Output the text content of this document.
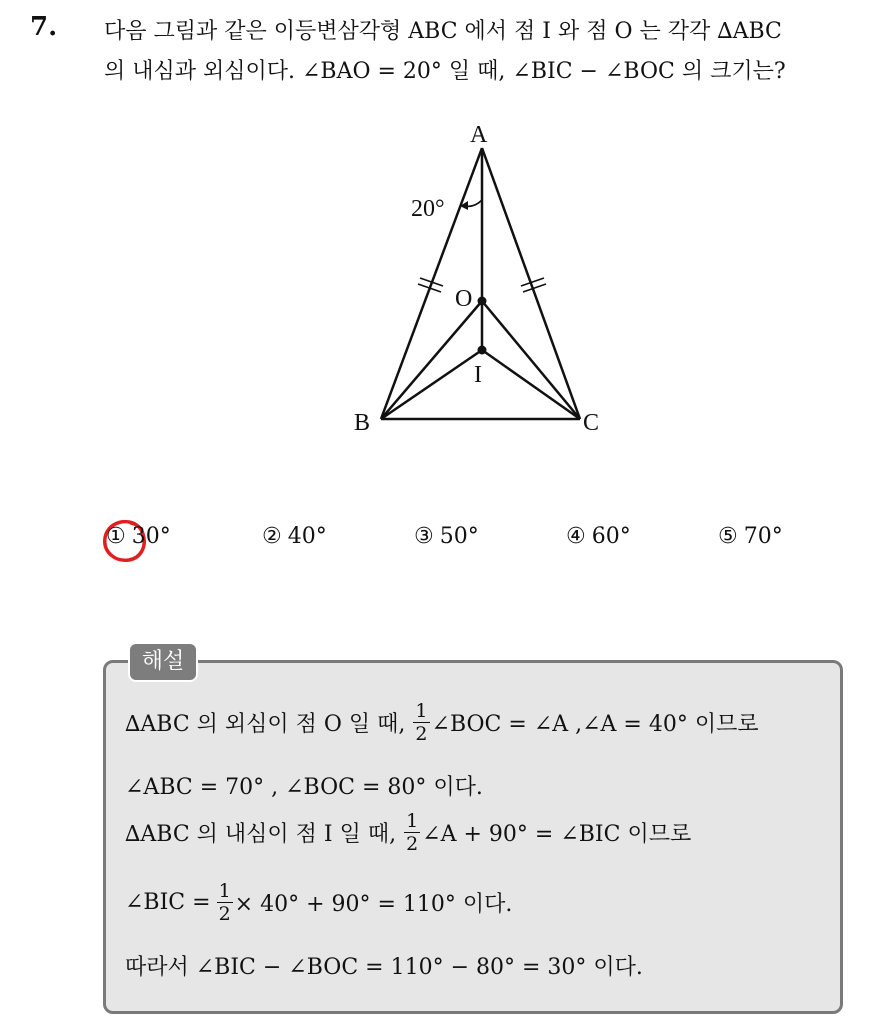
7. 다음 그림과 같은 이등변삼각형 ABC 에서 점 I 와 점 O 는 각각 ∆ABC
의 내심과 외심이다. ∠BAO = 20° 일 때, ∠BIC − ∠BOC 의 크기는?
A
B	C
O
I
20°
① 30°	② 40°	③ 50°	④ 60°	⑤ 70°
해설
∆ABC 의 외심이 점 O 일 때, $\frac{1}{2}$ ∠BOC = ∠A ,∠A = 40° 이므로
∠ABC = 70° , ∠BOC = 80° 이다.
∆ABC 의 내심이 점 I 일 때, $\frac{1}{2}$ ∠A + 90° = ∠BIC 이므로
∠BIC = $\frac{1}{2} \times 40^\circ + 90^\circ = 110^\circ$ 이다.
따라서 ∠BIC − ∠BOC = 110° − 80° = 30° 이다.
